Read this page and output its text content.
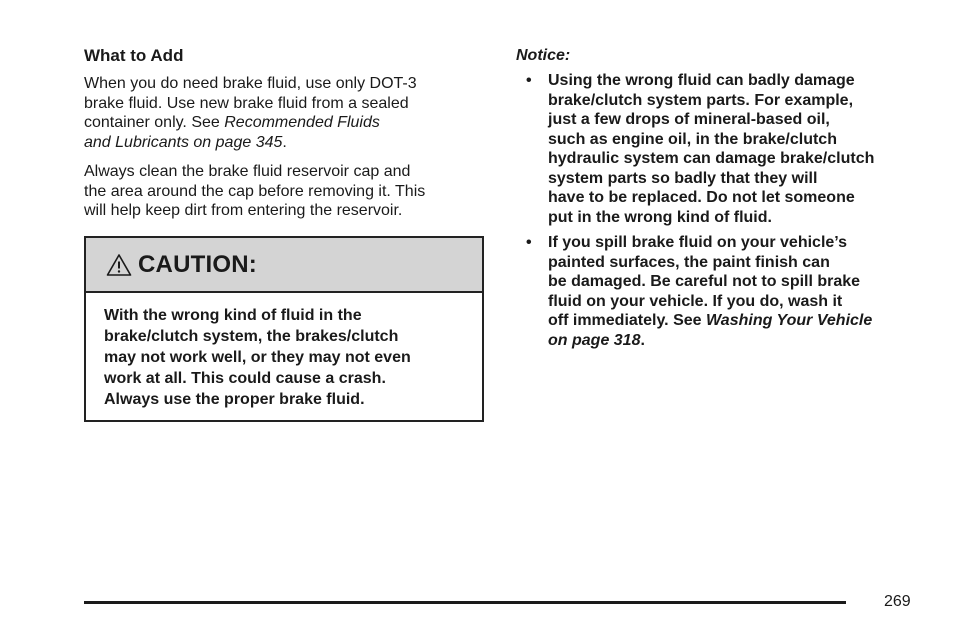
What to Add

When you do need brake fluid, use only DOT-3
brake fluid. Use new brake fluid from a sealed
container only. See Recommended Fluids
and Lubricants on page 345.

Always clean the brake fluid reservoir cap and
the area around the cap before removing it. This
will help keep dirt from entering the reservoir.

CAUTION:
With the wrong kind of fluid in the
brake/clutch system, the brakes/clutch
may not work well, or they may not even
work at all. This could cause a crash.
Always use the proper brake fluid.
Notice:
• Using the wrong fluid can badly damage
brake/clutch system parts. For example,
just a few drops of mineral-based oil,
such as engine oil, in the brake/clutch
hydraulic system can damage brake/clutch
system parts so badly that they will
have to be replaced. Do not let someone
put in the wrong kind of fluid.
• If you spill brake fluid on your vehicle’s
painted surfaces, the paint finish can
be damaged. Be careful not to spill brake
fluid on your vehicle. If you do, wash it
off immediately. See Washing Your Vehicle
on page 318.
269
